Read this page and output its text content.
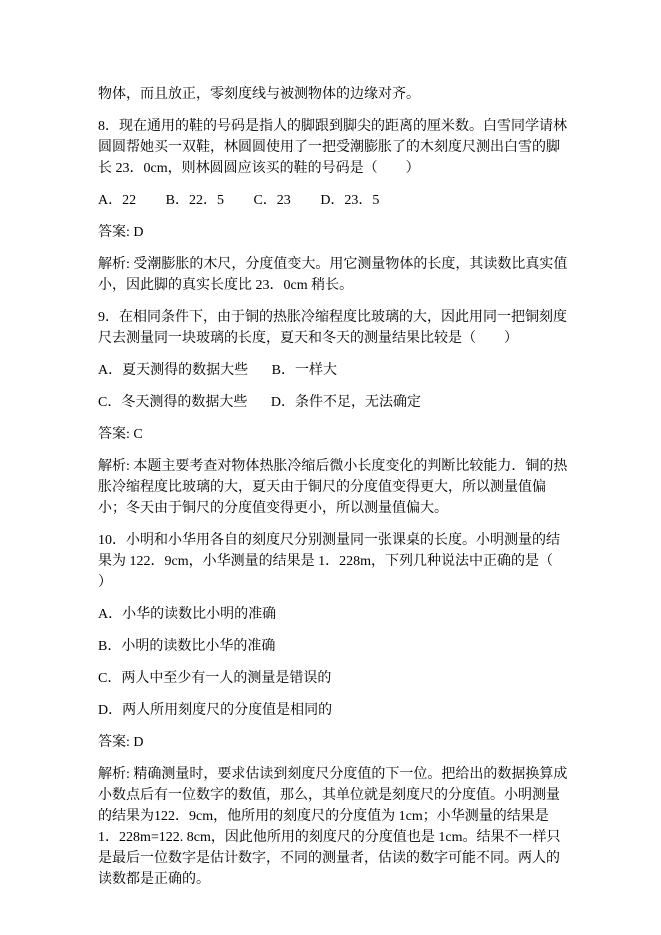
物体，而且放正，零刻度线与被测物体的边缘对齐。

8．现在通用的鞋的号码是指人的脚跟到脚尖的距离的厘米数。白雪同学请林圆圆帮她买一双鞋，林圆圆使用了一把受潮膨胀了的木刻度尺测出白雪的脚长 23．0cm，则林圆圆应该买的鞋的号码是（　　）

A．22 B．22．5 C．23 D．23．5

答案: D

解析: 受潮膨胀的木尺，分度值变大。用它测量物体的长度，其读数比真实值小，因此脚的真实长度比 23．0cm 稍长。

9．在相同条件下，由于铜的热胀冷缩程度比玻璃的大，因此用同一把铜刻度尺去测量同一块玻璃的长度，夏天和冬天的测量结果比较是（　　）

A．夏天测得的数据大些 B．一样大

C．冬天测得的数据大些 D．条件不足，无法确定

答案: C

解析: 本题主要考查对物体热胀冷缩后微小长度变化的判断比较能力．铜的热胀冷缩程度比玻璃的大，夏天由于铜尺的分度值变得更大，所以测量值偏小；冬天由于铜尺的分度值变得更小，所以测量值偏大。

10．小明和小华用各自的刻度尺分别测量同一张课桌的长度。小明测量的结果为 122．9cm，小华测量的结果是 1．228m，下列几种说法中正确的是（　　）

A．小华的读数比小明的准确

B．小明的读数比小华的准确

C．两人中至少有一人的测量是错误的

D．两人所用刻度尺的分度值是相同的

答案: D

解析: 精确测量时，要求估读到刻度尺分度值的下一位。把给出的数据换算成小数点后有一位数字的数值，那么，其单位就是刻度尺的分度值。小明测量的结果为122．9cm，他所用的刻度尺的分度值为 1cm；小华测量的结果是 1．228m=122. 8cm，因此他所用的刻度尺的分度值也是 1cm。结果不一样只是最后一位数字是估计数字，不同的测量者，估读的数字可能不同。两人的读数都是正确的。
